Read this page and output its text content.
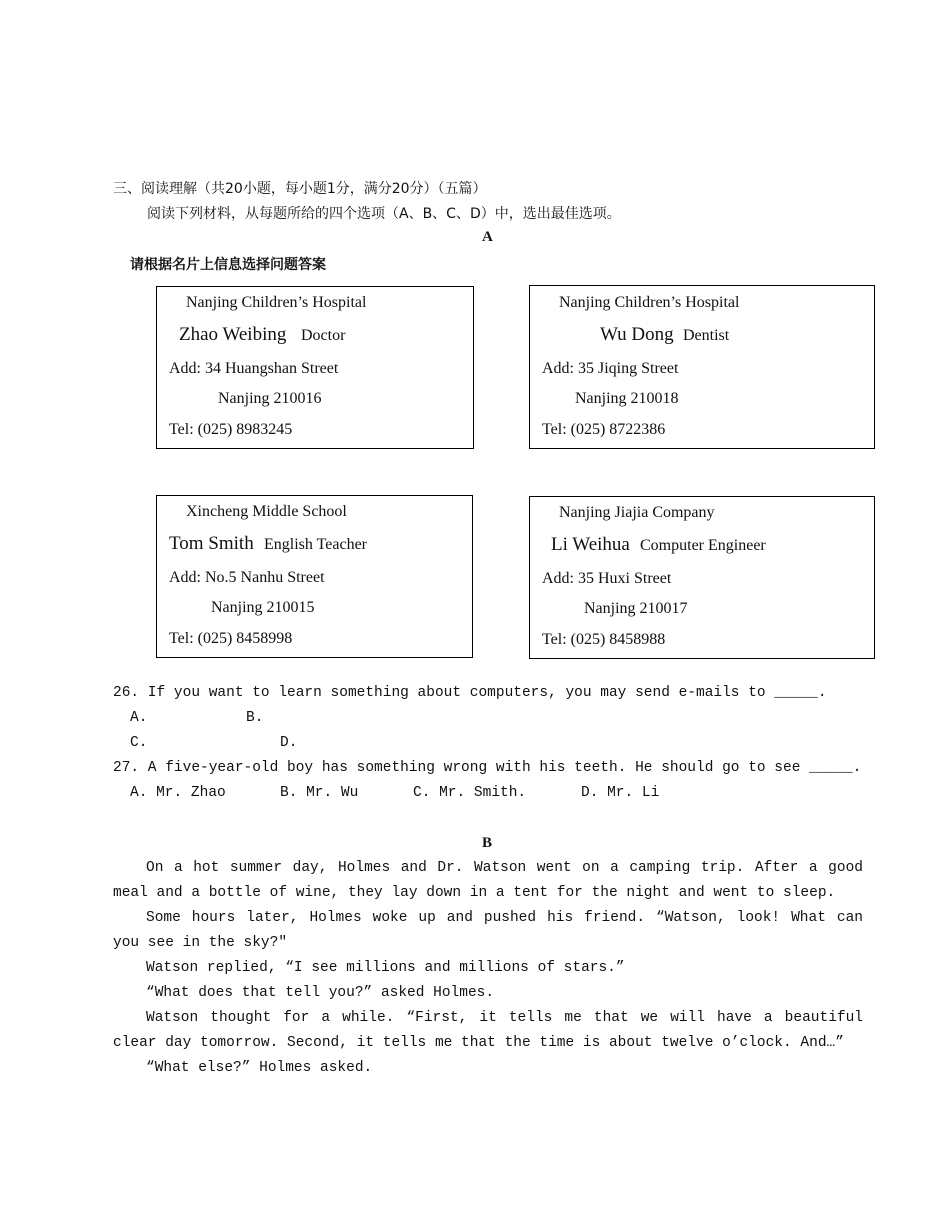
三、阅读理解（共20小题，每小题1分，满分20分）（五篇）
阅读下列材料，从每题所给的四个选项（A、B、C、D）中，选出最佳选项。
A
请根据名片上信息选择问题答案
Nanjing Children’s Hospital
Zhao Weibing Doctor
Add: 34 Huangshan Street
Nanjing 210016
Tel: (025) 8983245
Nanjing Children’s Hospital
Wu Dong Dentist
Add: 35 Jiqing Street
Nanjing 210018
Tel: (025) 8722386
Xincheng Middle School
Tom Smith English Teacher
Add: No.5 Nanhu Street
Nanjing 210015
Tel: (025) 8458998
Nanjing Jiajia Company
Li Weihua Computer Engineer
Add: 35 Huxi Street
Nanjing 210017
Tel: (025) 8458988
26. If you want to learn something about computers, you may send e-mails to _____.
A.	B.
C.	D.
27. A five-year-old boy has something wrong with his teeth. He should go to see _____.
A. Mr. Zhao	B. Mr. Wu	C. Mr. Smith.	D. Mr. Li
B
On a hot summer day, Holmes and Dr. Watson went on a camping trip. After a good meal and a bottle of wine, they lay down in a tent for the night and went to sleep.
Some hours later, Holmes woke up and pushed his friend. “Watson, look! What can you see in the sky?″
Watson replied, “I see millions and millions of stars.”
“What does that tell you?” asked Holmes.
Watson thought for a while. “First, it tells me that we will have a beautiful clear day tomorrow. Second, it tells me that the time is about twelve o’clock. And…”
“What else?” Holmes asked.
